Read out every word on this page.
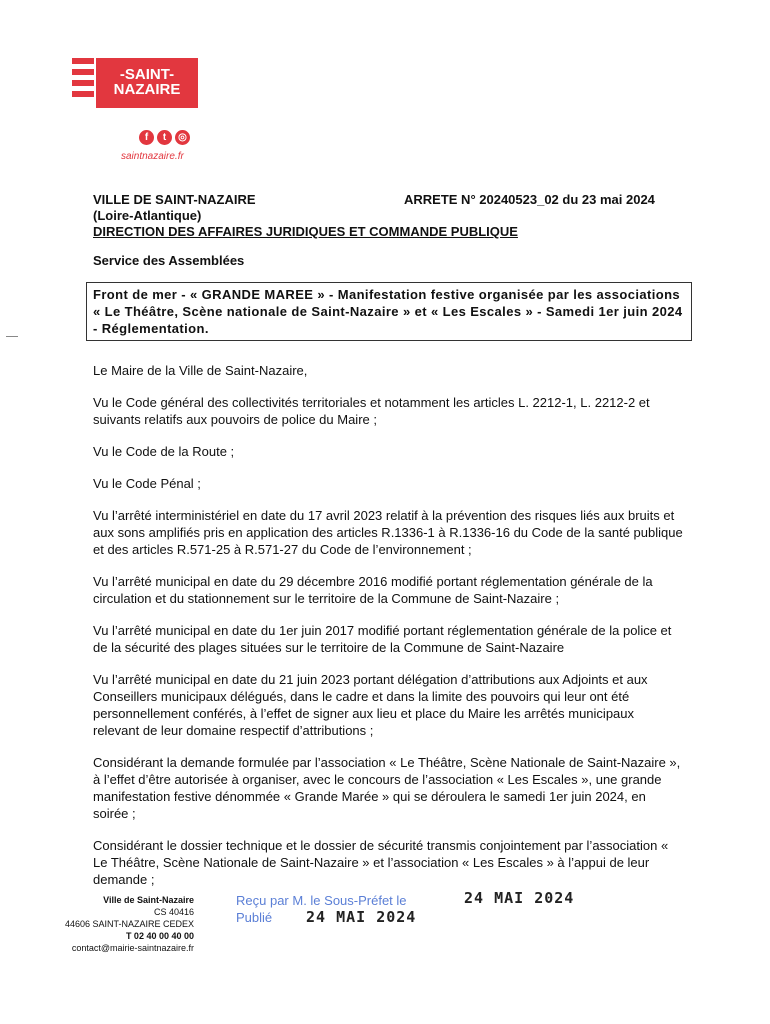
-SAINT-
NAZAIRE
f	t	◎
saintnazaire.fr
VILLE DE SAINT-NAZAIRE
(Loire-Atlantique)
DIRECTION DES AFFAIRES JURIDIQUES ET COMMANDE PUBLIQUE
ARRETE N° 20240523_02 du 23 mai 2024
Service des Assemblées
Front de mer - « GRANDE MAREE » - Manifestation festive organisée par les associations « Le Théâtre, Scène nationale de Saint-Nazaire » et « Les Escales » - Samedi 1er juin 2024 - Réglementation.

Le Maire de la Ville de Saint-Nazaire,

Vu le Code général des collectivités territoriales et notamment les articles L. 2212-1, L. 2212-2 et suivants relatifs aux pouvoirs de police du Maire ;

Vu le Code de la Route ;

Vu le Code Pénal ;

Vu l’arrêté interministériel en date du 17 avril 2023 relatif à la prévention des risques liés aux bruits et aux sons amplifiés pris en application des articles R.1336-1 à R.1336-16 du Code de la santé publique et des articles R.571-25 à R.571-27 du Code de l’environnement ;

Vu l’arrêté municipal en date du 29 décembre 2016 modifié portant réglementation générale de la circulation et du stationnement sur le territoire de la Commune de Saint-Nazaire ;

Vu l’arrêté municipal en date du 1er juin 2017 modifié portant réglementation générale de la police et de la sécurité des plages situées sur le territoire de la Commune de Saint-Nazaire

Vu l’arrêté municipal en date du 21 juin 2023 portant délégation d’attributions aux Adjoints et aux Conseillers municipaux délégués, dans le cadre et dans la limite des pouvoirs qui leur ont été personnellement conférés, à l’effet de signer aux lieu et place du Maire les arrêtés municipaux relevant de leur domaine respectif d’attributions ;

Considérant la demande formulée par l’association « Le Théâtre, Scène Nationale de Saint-Nazaire », à l’effet d’être autorisée à organiser, avec le concours de l’association « Les Escales », une grande manifestation festive dénommée « Grande Marée » qui se déroulera le samedi 1er juin 2024, en soirée ;

Considérant le dossier technique et le dossier de sécurité transmis conjointement par l’association « Le Théâtre, Scène Nationale de Saint-Nazaire » et l’association « Les Escales » à l’appui de leur demande ;

Ville de Saint-Nazaire
CS 40416
44606 SAINT-NAZAIRE CEDEX
T 02 40 00 40 00
contact@mairie-saintnazaire.fr
Reçu par M. le Sous-Préfet le
Publié
24 MAI 2024
24 MAI 2024
